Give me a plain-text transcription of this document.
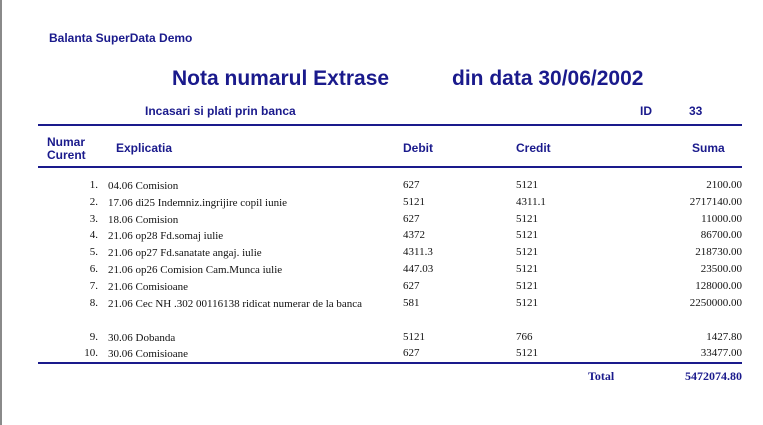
Balanta SuperData Demo
Nota numarul Extrase	din data 30/06/2002
Incasari si plati prin banca	ID	33
Numar Curent	Explicatia	Debit	Credit	Suma
1. 04.06 Comision	627	5121	2100.00
2. 17.06 di25 Indemniz.ingrijire copil iunie	5121	4311.1	2717140.00
3. 18.06 Comision	627	5121	11000.00
4. 21.06 op28 Fd.somaj iulie	4372	5121	86700.00
5. 21.06 op27 Fd.sanatate angaj. iulie	4311.3	5121	218730.00
6. 21.06 op26 Comision Cam.Munca iulie	447.03	5121	23500.00
7. 21.06 Comisioane	627	5121	128000.00
8. 21.06 Cec NH .302 00116138 ridicat numerar de la banca	581	5121	2250000.00
9. 30.06 Dobanda	5121	766	1427.80
10. 30.06 Comisioane	627	5121	33477.00
Total	5472074.80
